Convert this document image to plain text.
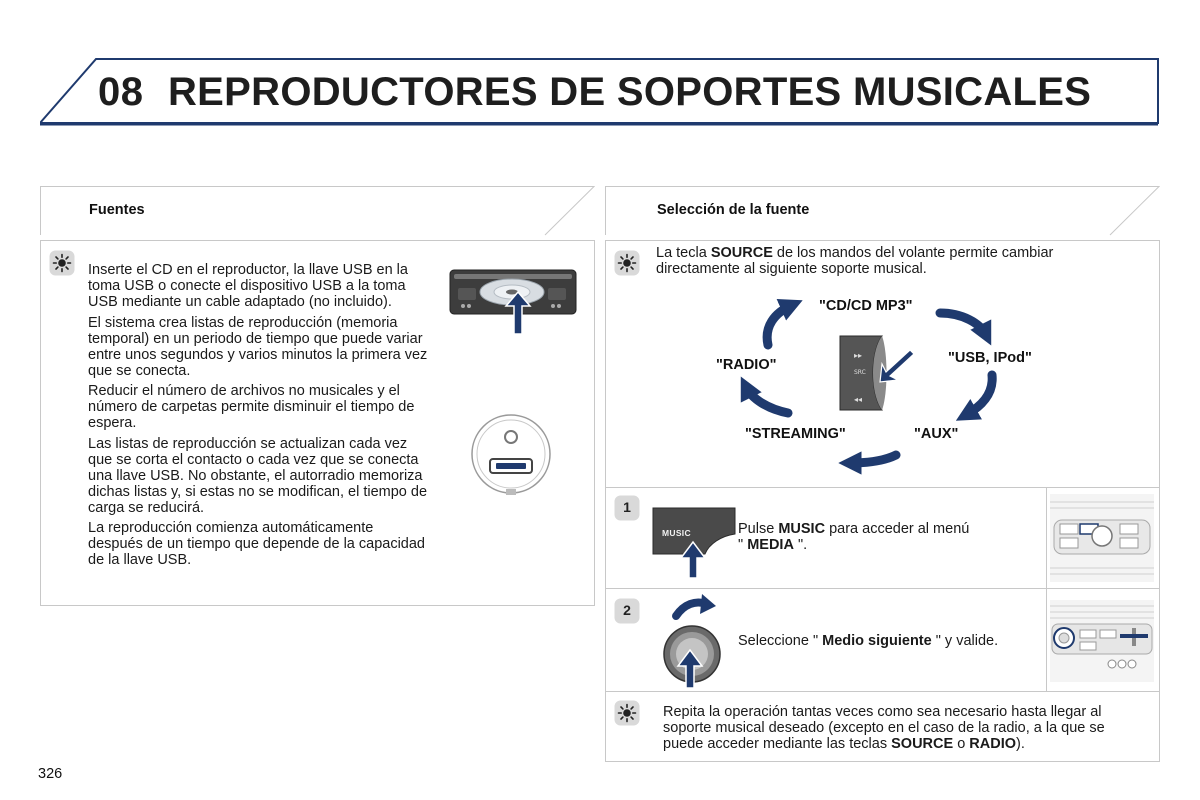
08 REPRODUCTORES DE SOPORTES MUSICALES
Fuentes	Selección de la fuente

Inserte el CD en el reproductor, la llave USB en la toma USB o conecte el dispositivo USB a la toma USB mediante un cable adaptado (no incluido).

El sistema crea listas de reproducción (memoria temporal) en un periodo de tiempo que puede variar entre unos segundos y varios minutos la primera vez que se conecta.

Reducir el número de archivos no musicales y el número de carpetas permite disminuir el tiempo de espera.

Las listas de reproducción se actualizan cada vez que se corta el contacto o cada vez que se conecta una llave USB. No obstante, el autorradio memoriza dichas listas y, si estas no se modifican, el tiempo de carga se reducirá.

La reproducción comienza automáticamente después de un tiempo que depende de la capacidad de la llave USB.

La tecla SOURCE de los mandos del volante permite cambiar directamente al siguiente soporte musical.
▸▸
SRC
◂◂
"CD/CD MP3"
"USB, IPod"
"AUX"
"STREAMING"
"RADIO"
1
MUSIC	Pulse MUSIC para acceder al menú
" MEDIA ".
2
Seleccione " Medio siguiente " y valide.
Repita la operación tantas veces como sea necesario hasta llegar al soporte musical deseado (excepto en el caso de la radio, a la que se puede acceder mediante las teclas SOURCE o RADIO).
326
